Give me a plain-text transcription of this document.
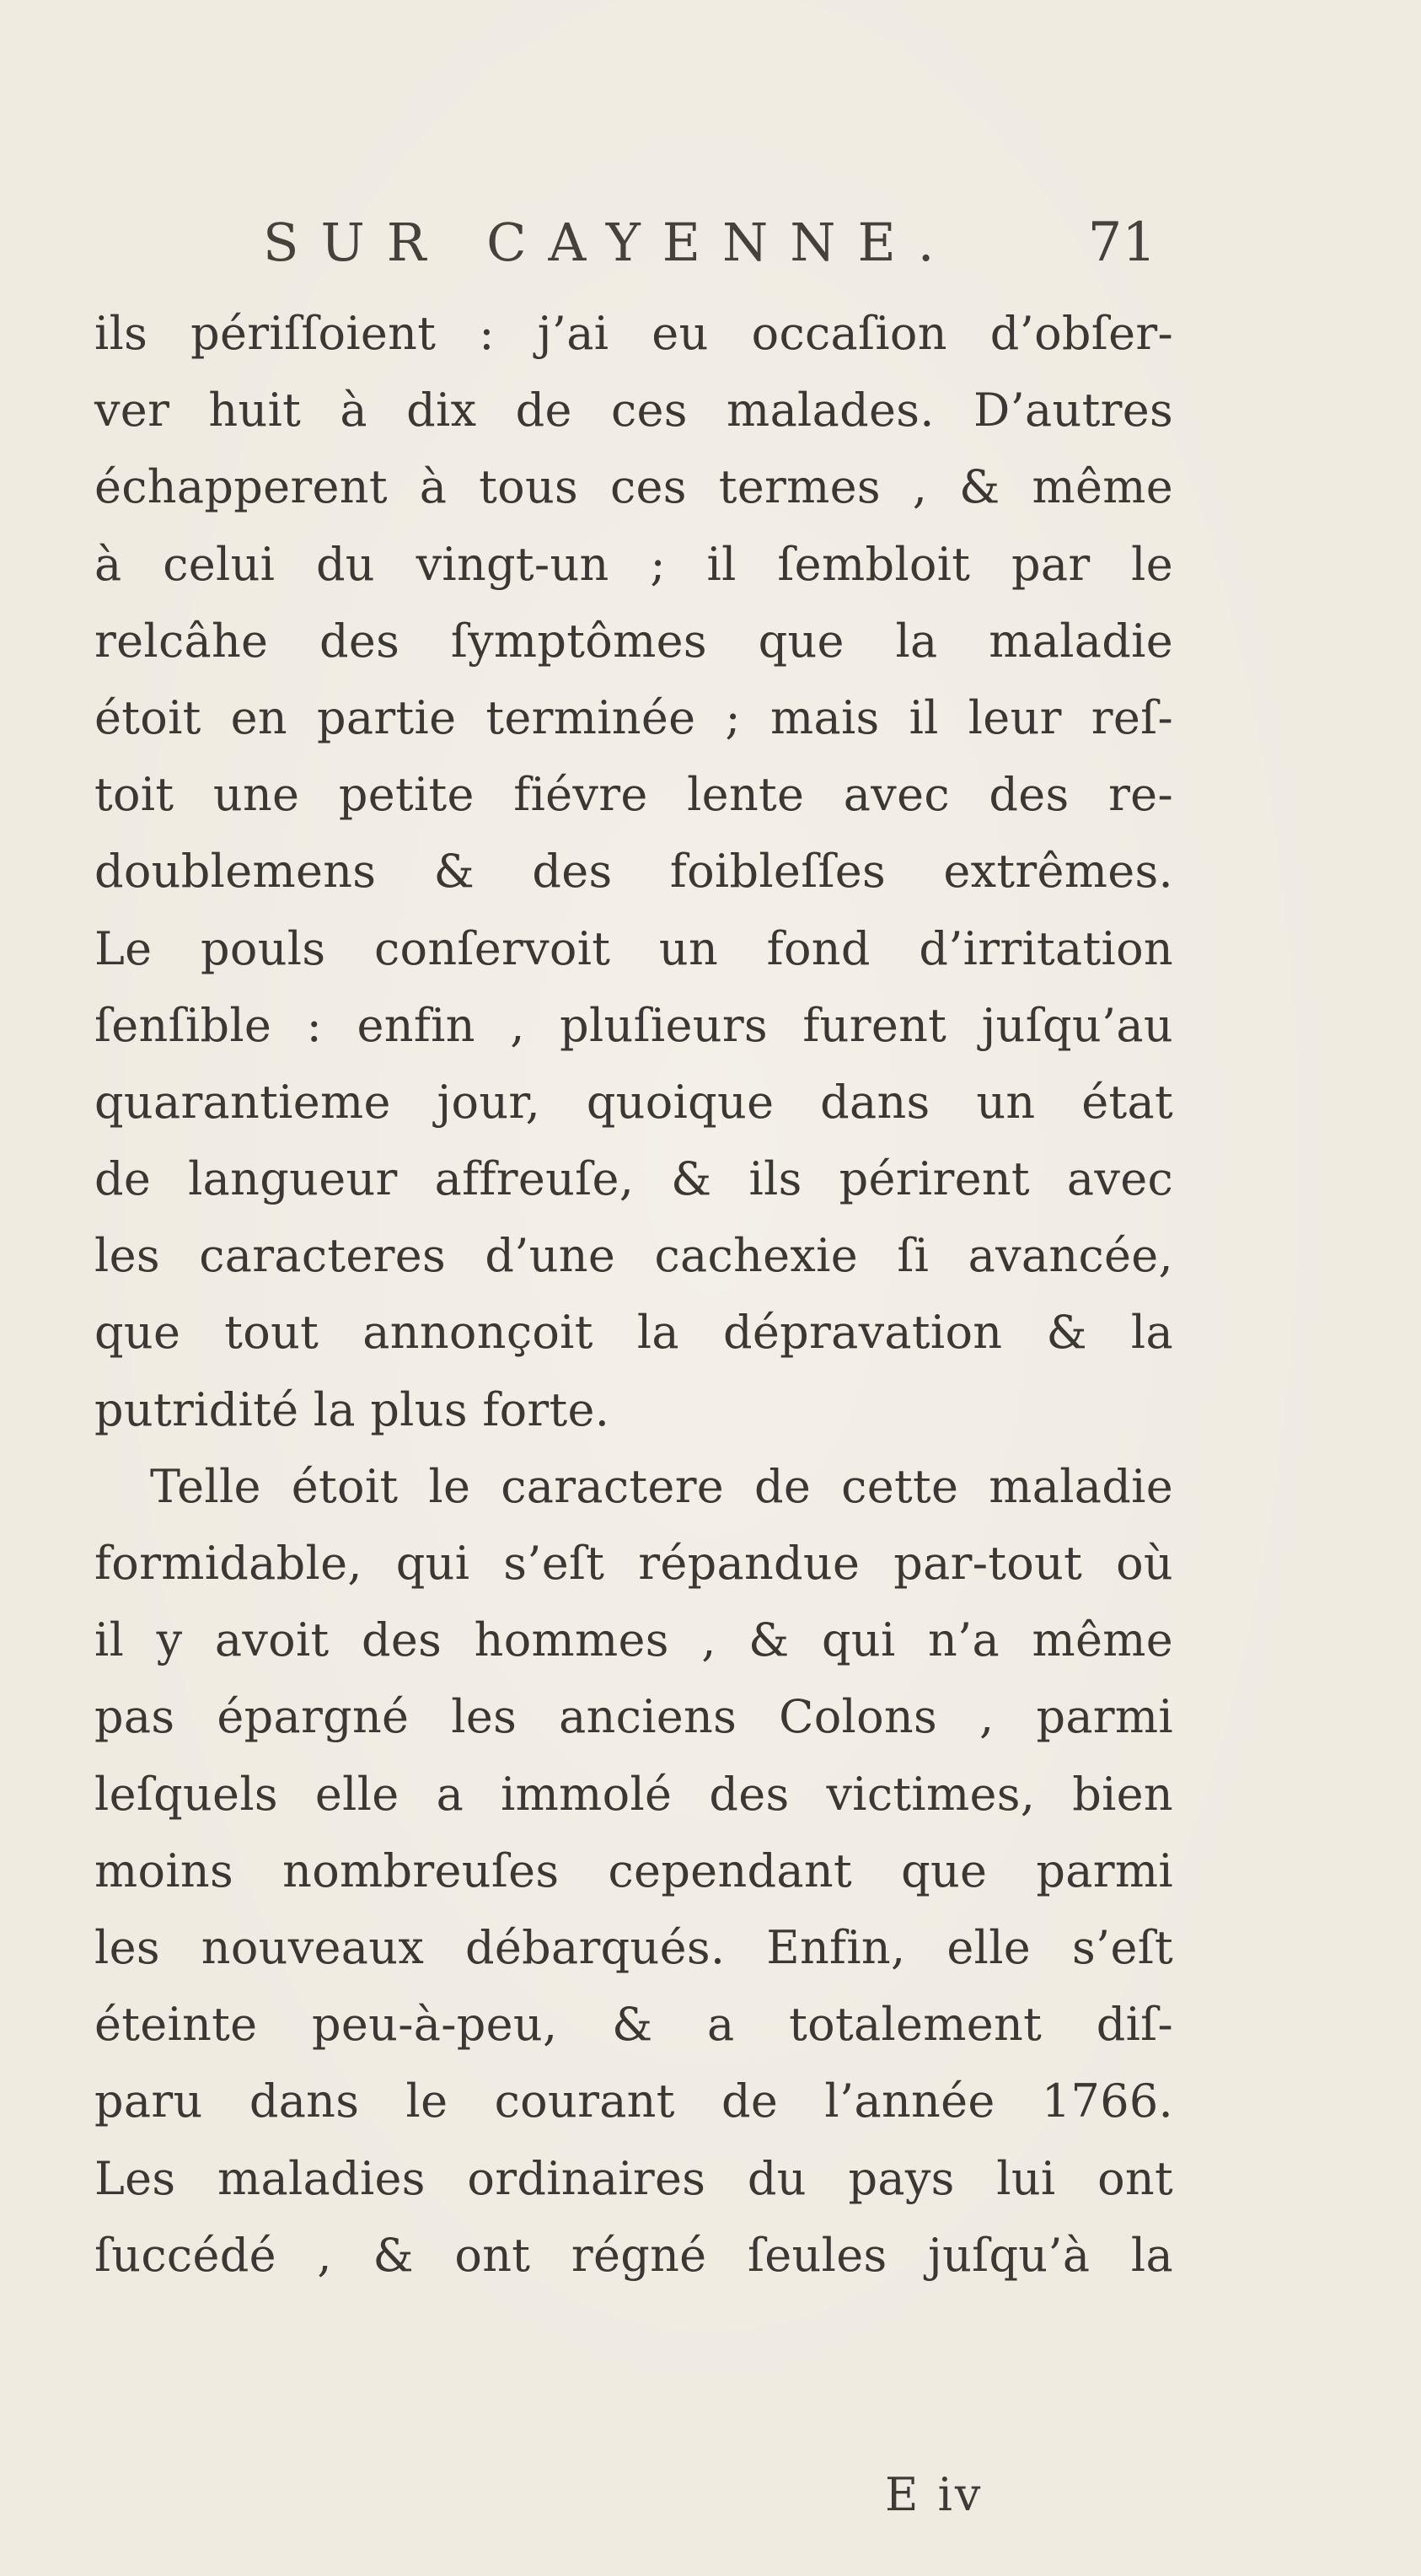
SUR CAYENNE. 71
ils périſſoient : j’ai eu occaſion d’obſer-
ver huit à dix de ces malades. D’autres
échapperent à tous ces termes , & même
à celui du vingt-un ; il ſembloit par le
relcâhe des ſymptômes que la maladie
étoit en partie terminée ; mais il leur reſ-
toit une petite fiévre lente avec des re-
doublemens & des foibleſſes extrêmes.
Le pouls conſervoit un fond d’irritation
ſenſible : enfin , pluſieurs furent juſqu’au
quarantieme jour, quoique dans un état
de langueur affreuſe, & ils périrent avec
les caracteres d’une cachexie ſi avancée,
que tout annonçoit la dépravation & la
putridité la plus forte.
Telle étoit le caractere de cette maladie
formidable, qui s’eſt répandue par-tout où
il y avoit des hommes , & qui n’a même
pas épargné les anciens Colons , parmi
leſquels elle a immolé des victimes, bien
moins nombreuſes cependant que parmi
les nouveaux débarqués. Enfin, elle s’eſt
éteinte peu-à-peu, & a totalement diſ-
paru dans le courant de l’année 1766.
Les maladies ordinaires du pays lui ont
ſuccédé , & ont régné ſeules juſqu’à la
E iv
